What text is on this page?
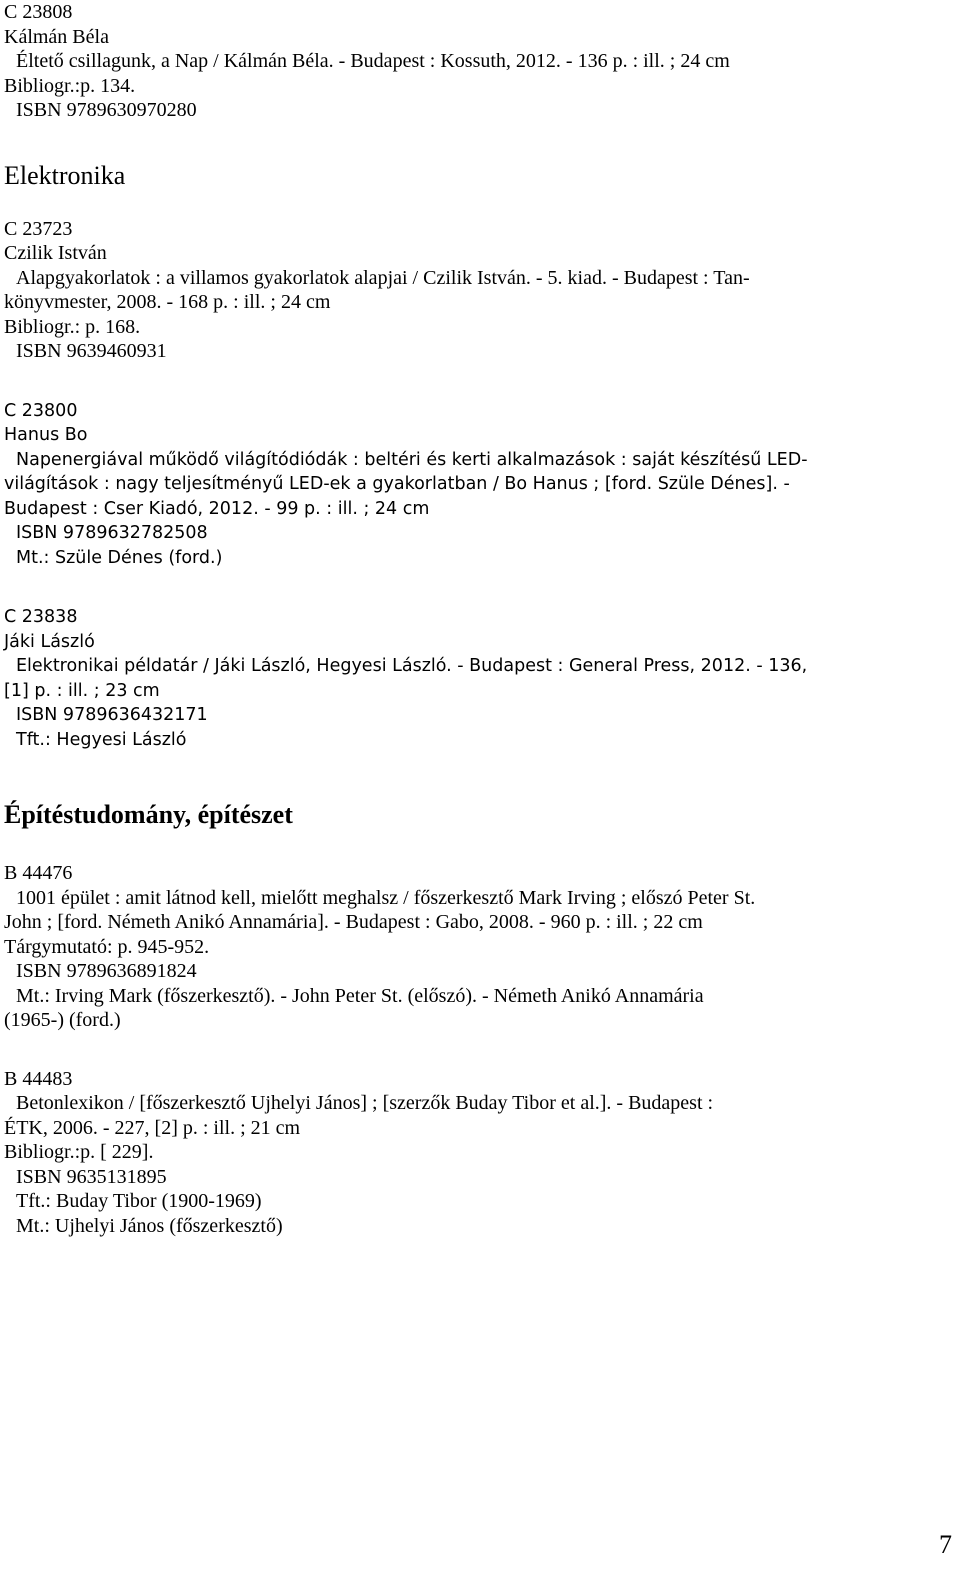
C 23808

Kálmán Béla

Éltető csillagunk, a Nap / Kálmán Béla. - Budapest : Kossuth, 2012. - 136 p. : ill. ; 24 cm

Bibliogr.:p. 134.

ISBN 9789630970280

Elektronika

C 23723

Czilik István

Alapgyakorlatok : a villamos gyakorlatok alapjai / Czilik István. - 5. kiad. - Budapest : Tan-

könyvmester, 2008. - 168 p. : ill. ; 24 cm

Bibliogr.: p. 168.

ISBN 9639460931

C 23800

Hanus Bo

Napenergiával működő világítódiódák : beltéri és kerti alkalmazások : saját készítésű LED-

világítások : nagy teljesítményű LED-ek a gyakorlatban / Bo Hanus ; [ford. Szüle Dénes]. -

Budapest : Cser Kiadó, 2012. - 99 p. : ill. ; 24 cm

ISBN 9789632782508

Mt.: Szüle Dénes (ford.)

C 23838

Jáki László

Elektronikai példatár / Jáki László, Hegyesi László. - Budapest : General Press, 2012. - 136,

[1] p. : ill. ; 23 cm

ISBN 9789636432171

Tft.: Hegyesi László

Építéstudomány, építészet

B 44476

1001 épület : amit látnod kell, mielőtt meghalsz / főszerkesztő Mark Irving ; előszó Peter St.

John ; [ford. Németh Anikó Annamária]. - Budapest : Gabo, 2008. - 960 p. : ill. ; 22 cm

Tárgymutató: p. 945-952.

ISBN 9789636891824

Mt.: Irving Mark (főszerkesztő). - John Peter St. (előszó). - Németh Anikó Annamária

(1965-) (ford.)

B 44483

Betonlexikon / [főszerkesztő Ujhelyi János] ; [szerzők Buday Tibor et al.]. - Budapest :

ÉTK, 2006. - 227, [2] p. : ill. ; 21 cm

Bibliogr.:p. [ 229].

ISBN 9635131895

Tft.: Buday Tibor (1900-1969)

Mt.: Ujhelyi János (főszerkesztő)

7
